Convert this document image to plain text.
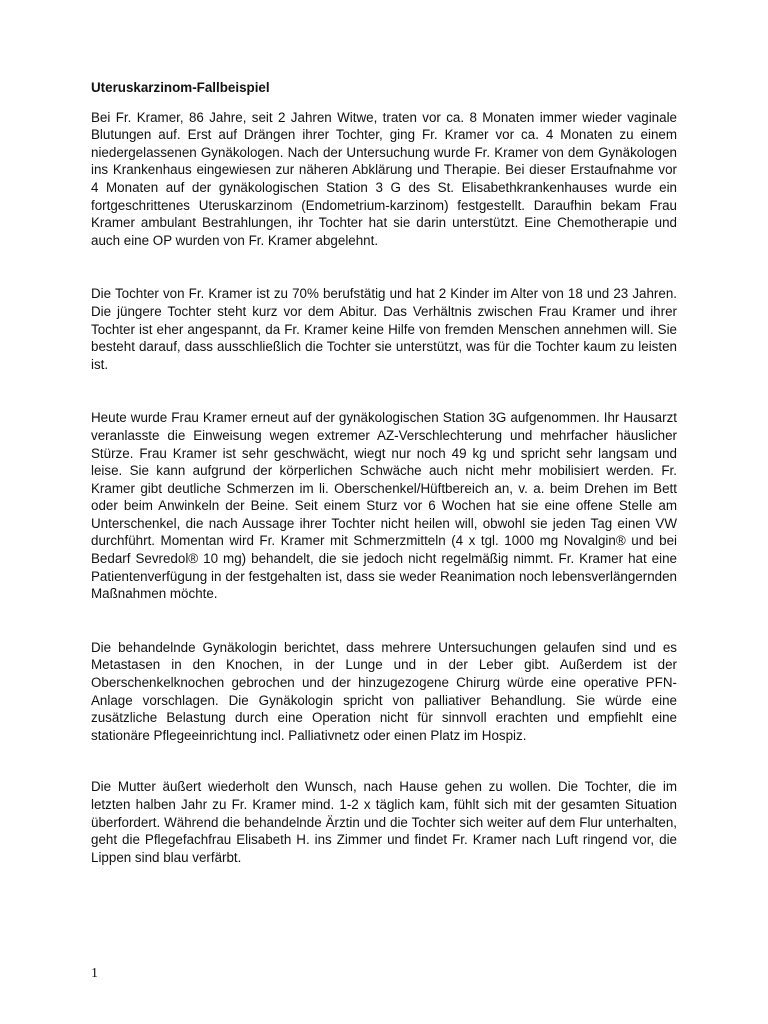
Uteruskarzinom-Fallbeispiel

Bei Fr. Kramer, 86 Jahre, seit 2 Jahren Witwe, traten vor ca. 8 Monaten immer wieder vaginale Blutungen auf. Erst auf Drängen ihrer Tochter, ging Fr. Kramer vor ca. 4 Monaten zu einem niedergelassenen Gynäkologen. Nach der Untersuchung wurde Fr. Kramer von dem Gynäkologen ins Krankenhaus eingewiesen zur näheren Abklärung und Therapie. Bei dieser Erstaufnahme vor 4 Monaten auf der gynäkologischen Station 3 G des St. Elisabethkrankenhauses wurde ein fortgeschrittenes Uteruskarzinom (Endometrium-karzinom) festgestellt. Daraufhin bekam Frau Kramer ambulant Bestrahlungen, ihr Tochter hat sie darin unterstützt. Eine Chemotherapie und auch eine OP wurden von Fr. Kramer abgelehnt.

Die Tochter von Fr. Kramer ist zu 70% berufstätig und hat 2 Kinder im Alter von 18 und 23 Jahren. Die jüngere Tochter steht kurz vor dem Abitur. Das Verhältnis zwischen Frau Kramer und ihrer Tochter ist eher angespannt, da Fr. Kramer keine Hilfe von fremden Menschen annehmen will. Sie besteht darauf, dass ausschließlich die Tochter sie unterstützt, was für die Tochter kaum zu leisten ist.

Heute wurde Frau Kramer erneut auf der gynäkologischen Station 3G aufgenommen. Ihr Hausarzt veranlasste die Einweisung wegen extremer AZ-Verschlechterung und mehrfacher häuslicher Stürze. Frau Kramer ist sehr geschwächt, wiegt nur noch 49 kg und spricht sehr langsam und leise. Sie kann aufgrund der körperlichen Schwäche auch nicht mehr mobilisiert werden. Fr. Kramer gibt deutliche Schmerzen im li. Oberschenkel/Hüftbereich an, v. a. beim Drehen im Bett oder beim Anwinkeln der Beine. Seit einem Sturz vor 6 Wochen hat sie eine offene Stelle am Unterschenkel, die nach Aussage ihrer Tochter nicht heilen will, obwohl sie jeden Tag einen VW durchführt. Momentan wird Fr. Kramer mit Schmerzmitteln (4 x tgl. 1000 mg Novalgin® und bei Bedarf Sevredol® 10 mg) behandelt, die sie jedoch nicht regelmäßig nimmt. Fr. Kramer hat eine Patientenverfügung in der festgehalten ist, dass sie weder Reanimation noch lebensverlängernden Maßnahmen möchte.

Die behandelnde Gynäkologin berichtet, dass mehrere Untersuchungen gelaufen sind und es Metastasen in den Knochen, in der Lunge und in der Leber gibt. Außerdem ist der Oberschenkelknochen gebrochen und der hinzugezogene Chirurg würde eine operative PFN-Anlage vorschlagen. Die Gynäkologin spricht von palliativer Behandlung. Sie würde eine zusätzliche Belastung durch eine Operation nicht für sinnvoll erachten und empfiehlt eine stationäre Pflegeeinrichtung incl. Palliativnetz oder einen Platz im Hospiz.

Die Mutter äußert wiederholt den Wunsch, nach Hause gehen zu wollen. Die Tochter, die im letzten halben Jahr zu Fr. Kramer mind. 1-2 x täglich kam, fühlt sich mit der gesamten Situation überfordert. Während die behandelnde Ärztin und die Tochter sich weiter auf dem Flur unterhalten, geht die Pflegefachfrau Elisabeth H. ins Zimmer und findet Fr. Kramer nach Luft ringend vor, die Lippen sind blau verfärbt.

1
